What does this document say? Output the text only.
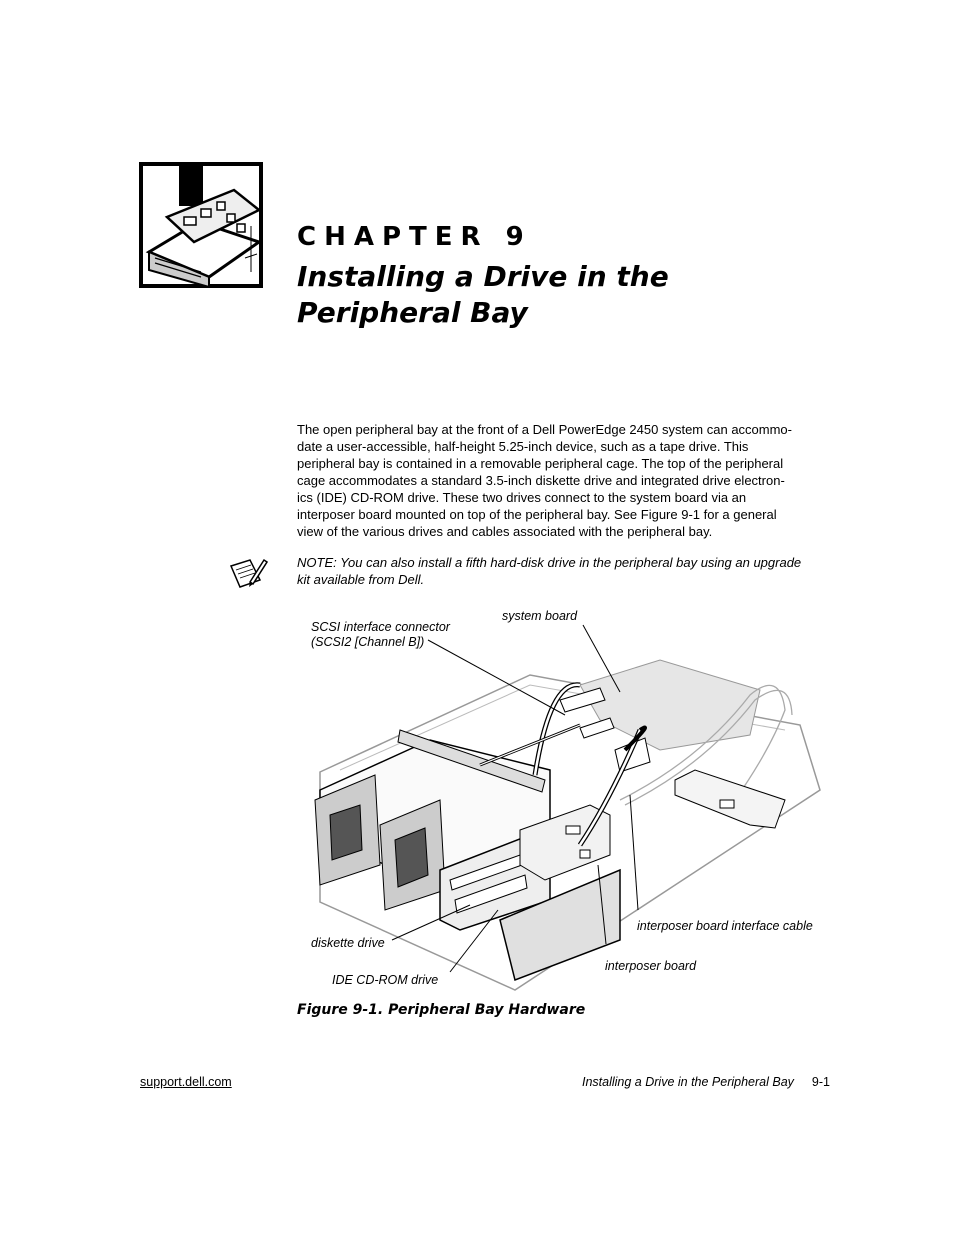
CHAPTER 9
Installing a Drive in the
Peripheral Bay
The open peripheral bay at the front of a Dell PowerEdge 2450 system can accommo-
date a user-accessible, half-height 5.25-inch device, such as a tape drive. This
peripheral bay is contained in a removable peripheral cage. The top of the peripheral
cage accommodates a standard 3.5-inch diskette drive and integrated drive electron-
ics (IDE) CD-ROM drive. These two drives connect to the system board via an
interposer board mounted on top of the peripheral bay. See Figure 9-1 for a general
view of the various drives and cables associated with the peripheral bay.
NOTE: You can also install a fifth hard-disk drive in the peripheral bay using an upgrade
kit available from Dell.
SCSI interface connector
(SCSI2 [Channel B])
system board
interposer board interface cable
diskette drive
interposer board
IDE CD-ROM drive
Figure 9-1. Peripheral Bay Hardware
support.dell.com	Installing a Drive in the Peripheral Bay 9-1
